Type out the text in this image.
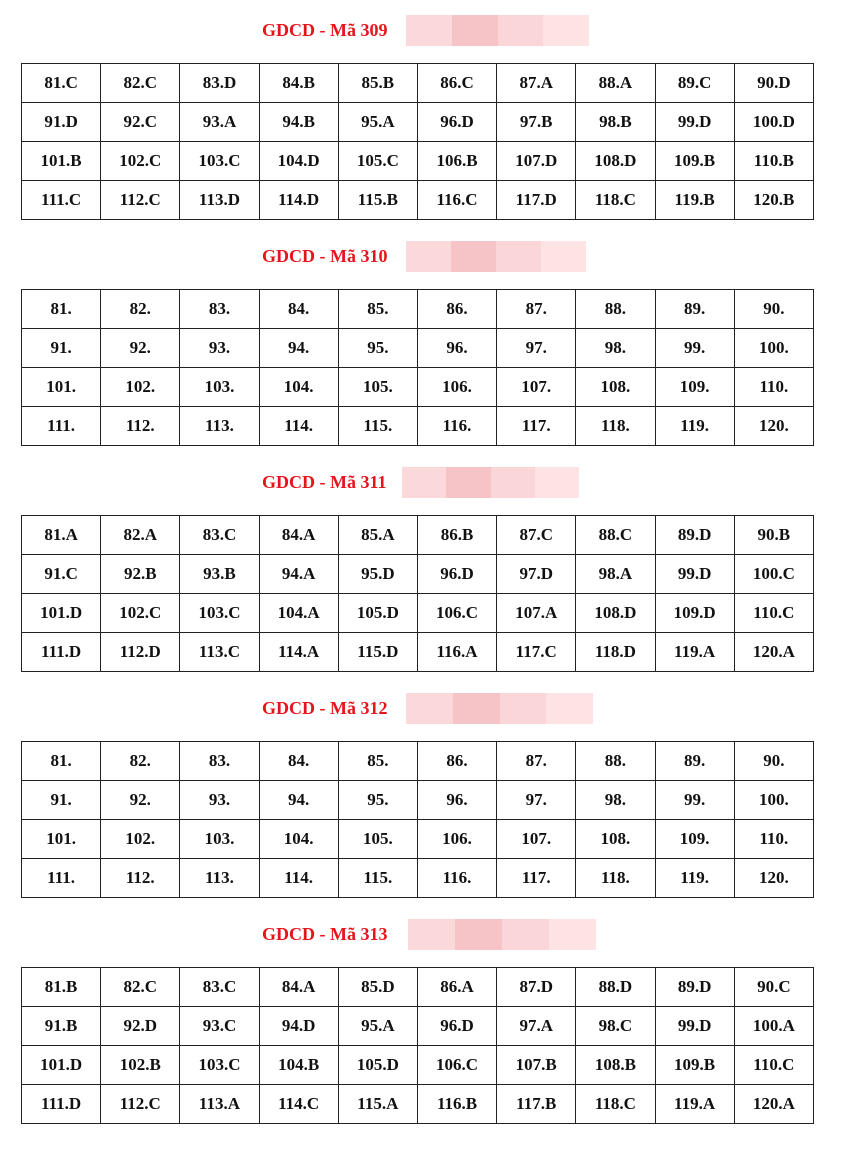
GDCD - Mã 309
81.C	82.C	83.D	84.B	85.B	86.C	87.A	88.A	89.C	90.D
91.D	92.C	93.A	94.B	95.A	96.D	97.B	98.B	99.D	100.D
101.B	102.C	103.C	104.D	105.C	106.B	107.D	108.D	109.B	110.B
111.C	112.C	113.D	114.D	115.B	116.C	117.D	118.C	119.B	120.B
GDCD - Mã 310
81.	82.	83.	84.	85.	86.	87.	88.	89.	90.
91.	92.	93.	94.	95.	96.	97.	98.	99.	100.
101.	102.	103.	104.	105.	106.	107.	108.	109.	110.
111.	112.	113.	114.	115.	116.	117.	118.	119.	120.
GDCD - Mã 311
81.A	82.A	83.C	84.A	85.A	86.B	87.C	88.C	89.D	90.B
91.C	92.B	93.B	94.A	95.D	96.D	97.D	98.A	99.D	100.C
101.D	102.C	103.C	104.A	105.D	106.C	107.A	108.D	109.D	110.C
111.D	112.D	113.C	114.A	115.D	116.A	117.C	118.D	119.A	120.A
GDCD - Mã 312
81.	82.	83.	84.	85.	86.	87.	88.	89.	90.
91.	92.	93.	94.	95.	96.	97.	98.	99.	100.
101.	102.	103.	104.	105.	106.	107.	108.	109.	110.
111.	112.	113.	114.	115.	116.	117.	118.	119.	120.
GDCD - Mã 313
81.B	82.C	83.C	84.A	85.D	86.A	87.D	88.D	89.D	90.C
91.B	92.D	93.C	94.D	95.A	96.D	97.A	98.C	99.D	100.A
101.D	102.B	103.C	104.B	105.D	106.C	107.B	108.B	109.B	110.C
111.D	112.C	113.A	114.C	115.A	116.B	117.B	118.C	119.A	120.A
